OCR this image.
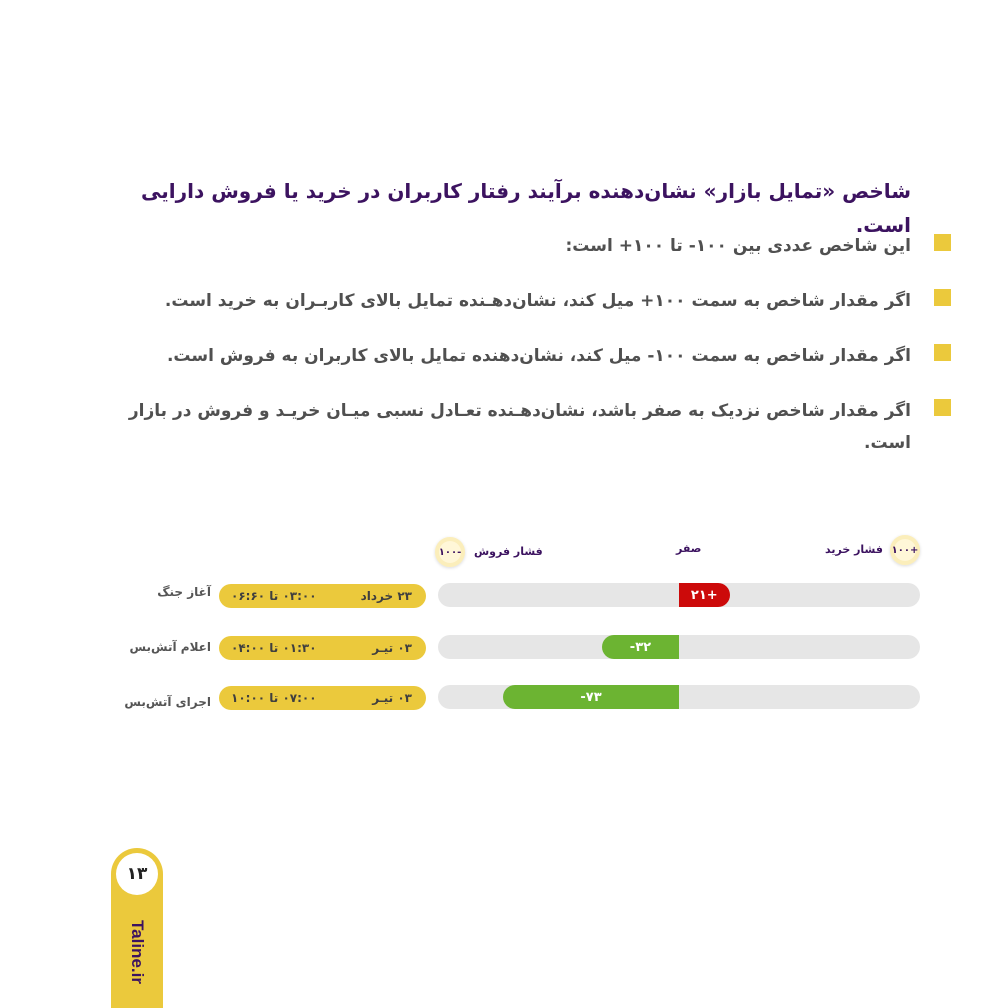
شاخص «تمایل بازار» نشان‌دهنده برآیند رفتار کاربران در خرید یا فروش دارایی است.
این شاخص عددی بین ۱۰۰- تا ۱۰۰+ است:
اگر مقدار شاخص به سمت ۱۰۰+ میل کند، نشان‌دهـنده تمایل بالای کاربـران به خرید است.
اگر مقدار شاخص به سمت ۱۰۰- میل کند، نشان‌دهنده تمایل بالای کاربران به فروش است.
اگر مقدار شاخص نزدیک به صفر باشد، نشان‌دهـنده تعـادل نسبی میـان خریـد و فروش در بازار است.
۱۰۰-	فشار فروش	صفر	فشار خرید ۱۰۰+
آغاز جنگ ۰۳:۰۰ تا ۰۶:۶۰	۲۳ خرداد	۲۱+
اعلام آتش‌بس ۰۱:۳۰ تا ۰۴:۰۰	۰۳ تیـر	-۳۲
اجرای آتش‌بس ۰۷:۰۰ تا ۱۰:۰۰	۰۳ تیـر	-۷۳
۱۳
Taline.ir
